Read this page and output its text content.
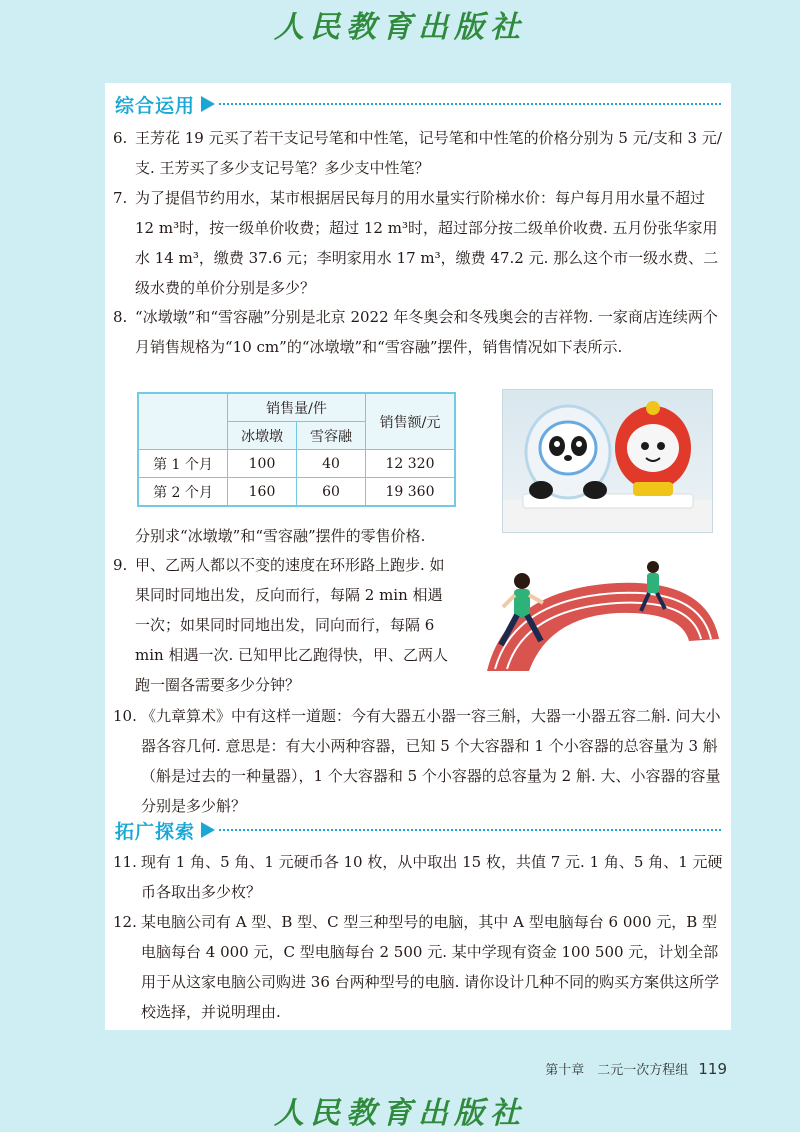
人民教育出版社
综合运用
6. 王芳花 19 元买了若干支记号笔和中性笔，记号笔和中性笔的价格分别为 5 元/支和 3 元/支. 王芳买了多少支记号笔？多少支中性笔？
7. 为了提倡节约用水，某市根据居民每月的用水量实行阶梯水价：每户每月用水量不超过 12 m³时，按一级单价收费；超过 12 m³时，超过部分按二级单价收费. 五月份张华家用水 14 m³，缴费 37.6 元；李明家用水 17 m³，缴费 47.2 元. 那么这个市一级水费、二级水费的单价分别是多少？
8. “冰墩墩”和“雪容融”分别是北京 2022 年冬奥会和冬残奥会的吉祥物. 一家商店连续两个月销售规格为“10 cm”的“冰墩墩”和“雪容融”摆件，销售情况如下表所示.
	销售量/件		销售额/元
	冰墩墩	雪容融	
第 1 个月	100	40	12 320
第 2 个月	160	60	19 360
分别求“冰墩墩”和“雪容融”摆件的零售价格.
9. 甲、乙两人都以不变的速度在环形路上跑步. 如果同时同地出发，反向而行，每隔 2 min 相遇一次；如果同时同地出发，同向而行，每隔 6 min 相遇一次. 已知甲比乙跑得快，甲、乙两人跑一圈各需要多少分钟？
10. 《九章算术》中有这样一道题：今有大器五小器一容三斛，大器一小器五容二斛. 问大小器各容几何. 意思是：有大小两种容器，已知 5 个大容器和 1 个小容器的总容量为 3 斛（斛是过去的一种量器），1 个大容器和 5 个小容器的总容量为 2 斛. 大、小容器的容量分别是多少斛？
拓广探索
11. 现有 1 角、5 角、1 元硬币各 10 枚，从中取出 15 枚，共值 7 元. 1 角、5 角、1 元硬币各取出多少枚？
12. 某电脑公司有 A 型、B 型、C 型三种型号的电脑，其中 A 型电脑每台 6 000 元，B 型电脑每台 4 000 元，C 型电脑每台 2 500 元. 某中学现有资金 100 500 元，计划全部用于从这家电脑公司购进 36 台两种型号的电脑. 请你设计几种不同的购买方案供这所学校选择，并说明理由.
第十章　二元一次方程组 119
人民教育出版社
